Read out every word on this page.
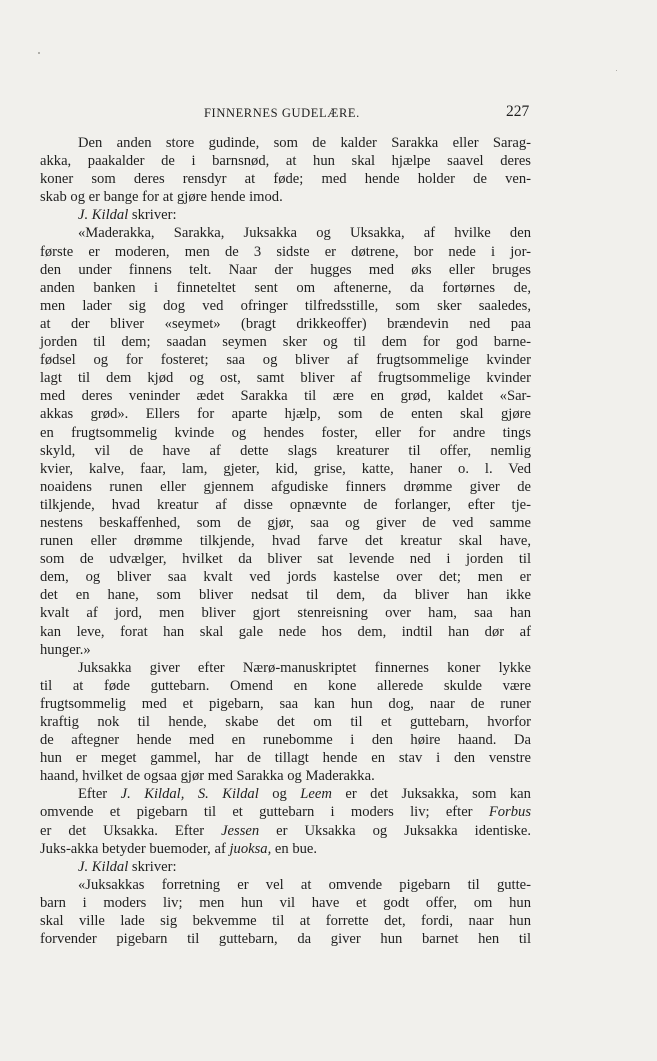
FINNERNES GUDELÆRE.	227
Den anden store gudinde, som de kalder Sarakka eller Sarag-
akka, paakalder de i barnsnød, at hun skal hjælpe saavel deres
koner som deres rensdyr at føde; med hende holder de ven-
skab og er bange for at gjøre hende imod.
J. Kildal skriver:
«Maderakka, Sarakka, Juksakka og Uksakka, af hvilke den
første er moderen, men de 3 sidste er døtrene, bor nede i jor-
den under finnens telt. Naar der hugges med øks eller bruges
anden banken i finneteltet sent om aftenerne, da fortørnes de,
men lader sig dog ved ofringer tilfredsstille, som sker saaledes,
at der bliver «seymet» (bragt drikkeoffer) brændevin ned paa
jorden til dem; saadan seymen sker og til dem for god barne-
fødsel og for fosteret; saa og bliver af frugtsommelige kvinder
lagt til dem kjød og ost, samt bliver af frugtsommelige kvinder
med deres veninder ædet Sarakka til ære en grød, kaldet «Sar-
akkas grød». Ellers for aparte hjælp, som de enten skal gjøre
en frugtsommelig kvinde og hendes foster, eller for andre tings
skyld, vil de have af dette slags kreaturer til offer, nemlig
kvier, kalve, faar, lam, gjeter, kid, grise, katte, haner o. l. Ved
noaidens runen eller gjennem afgudiske finners drømme giver de
tilkjende, hvad kreatur af disse opnævnte de forlanger, efter tje-
nestens beskaffenhed, som de gjør, saa og giver de ved samme
runen eller drømme tilkjende, hvad farve det kreatur skal have,
som de udvælger, hvilket da bliver sat levende ned i jorden til
dem, og bliver saa kvalt ved jords kastelse over det; men er
det en hane, som bliver nedsat til dem, da bliver han ikke
kvalt af jord, men bliver gjort stenreisning over ham, saa han
kan leve, forat han skal gale nede hos dem, indtil han dør af
hunger.»
Juksakka giver efter Nærø-manuskriptet finnernes koner lykke
til at føde guttebarn. Omend en kone allerede skulde være
frugtsommelig med et pigebarn, saa kan hun dog, naar de runer
kraftig nok til hende, skabe det om til et guttebarn, hvorfor
de aftegner hende med en runebomme i den høire haand. Da
hun er meget gammel, har de tillagt hende en stav i den venstre
haand, hvilket de ogsaa gjør med Sarakka og Maderakka.
Efter J. Kildal, S. Kildal og Leem er det Juksakka, som kan
omvende et pigebarn til et guttebarn i moders liv; efter Forbus
er det Uksakka. Efter Jessen er Uksakka og Juksakka identiske.
Juks-akka betyder buemoder, af juoksa, en bue.
J. Kildal skriver:
«Juksakkas forretning er vel at omvende pigebarn til gutte-
barn i moders liv; men hun vil have et godt offer, om hun
skal ville lade sig bekvemme til at forrette det, fordi, naar hun
forvender pigebarn til guttebarn, da giver hun barnet hen til
